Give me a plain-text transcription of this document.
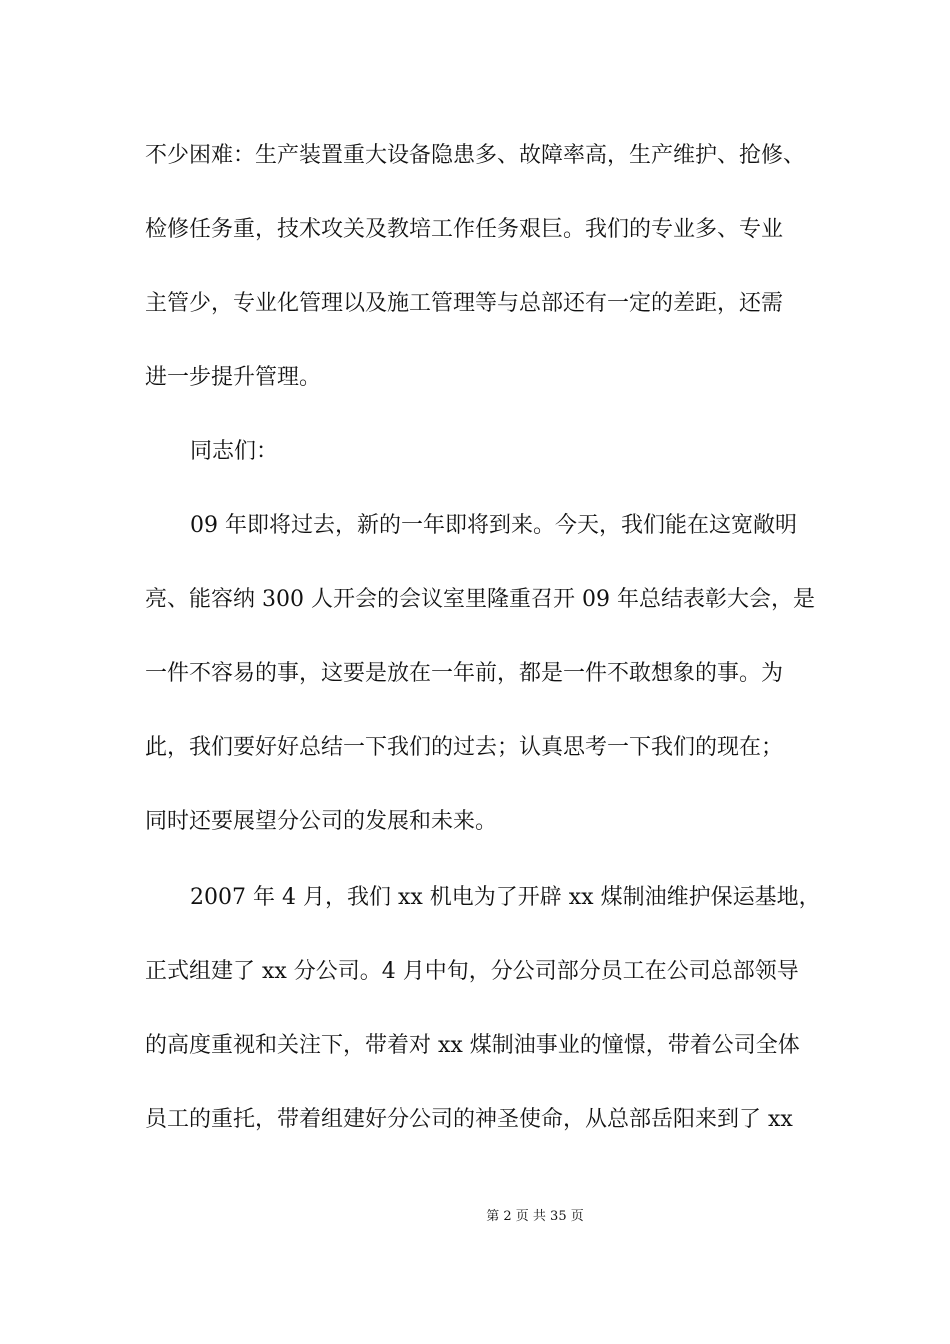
不少困难：生产装置重大设备隐患多、故障率高，生产维护、抢修、
检修任务重，技术攻关及教培工作任务艰巨。我们的专业多、专业
主管少，专业化管理以及施工管理等与总部还有一定的差距，还需
进一步提升管理。
同志们：
09 年即将过去，新的一年即将到来。今天，我们能在这宽敞明
亮、能容纳 300 人开会的会议室里隆重召开 09 年总结表彰大会，是
一件不容易的事，这要是放在一年前，都是一件不敢想象的事。为
此，我们要好好总结一下我们的过去；认真思考一下我们的现在；
同时还要展望分公司的发展和未来。
2007 年 4 月，我们 xx 机电为了开辟 xx 煤制油维护保运基地，
正式组建了 xx 分公司。4 月中旬，分公司部分员工在公司总部领导
的高度重视和关注下，带着对 xx 煤制油事业的憧憬，带着公司全体
员工的重托，带着组建好分公司的神圣使命，从总部岳阳来到了 xx
第 2 页 共 35 页
